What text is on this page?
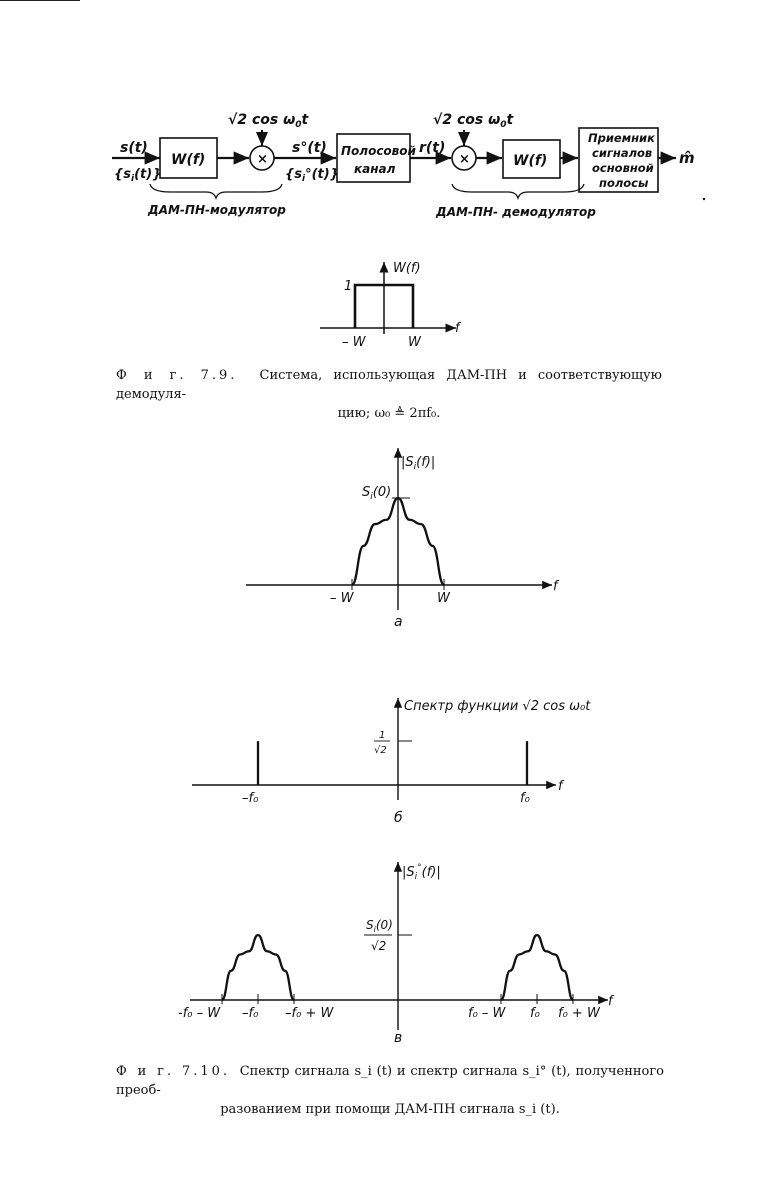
s(t)
$\{s_i(t)\}$
W(f)
√2 $\cos \omega_0t$
×
s°(t)
$\{s_i^\circ(t)\}$
Полосовой
канал
r(t)
√2 $\cos \omega_0t$
×	W(f)
Приемник
сигналов
основной
полосы
m̂
ДАМ-ПН-модулятор	ДАМ-ПН- демодулятор
W(f)
1
f
– W	W
Ф и г. 7.9. Система, использующая ДАМ-ПН и соответствующую демодуля-
цию; ω₀ ≜ 2πf₀.
$|S_i(f)|$
$S_i(0)$
f
– W	W
а
Спектр функции √2 cos ω₀t
1
√2
f
–f₀	f₀
б
$|S_i^\circ(f)|$
$S_i(0)$
√2
f
-f₀ – W –f₀ –f₀ + W	f₀ – W f₀ f₀ + W
в
Ф и г. 7.10. Спектр сигнала s_i (t) и спектр сигнала s_i° (t), полученного преоб-
разованием при помощи ДАМ-ПН сигнала s_i (t).
